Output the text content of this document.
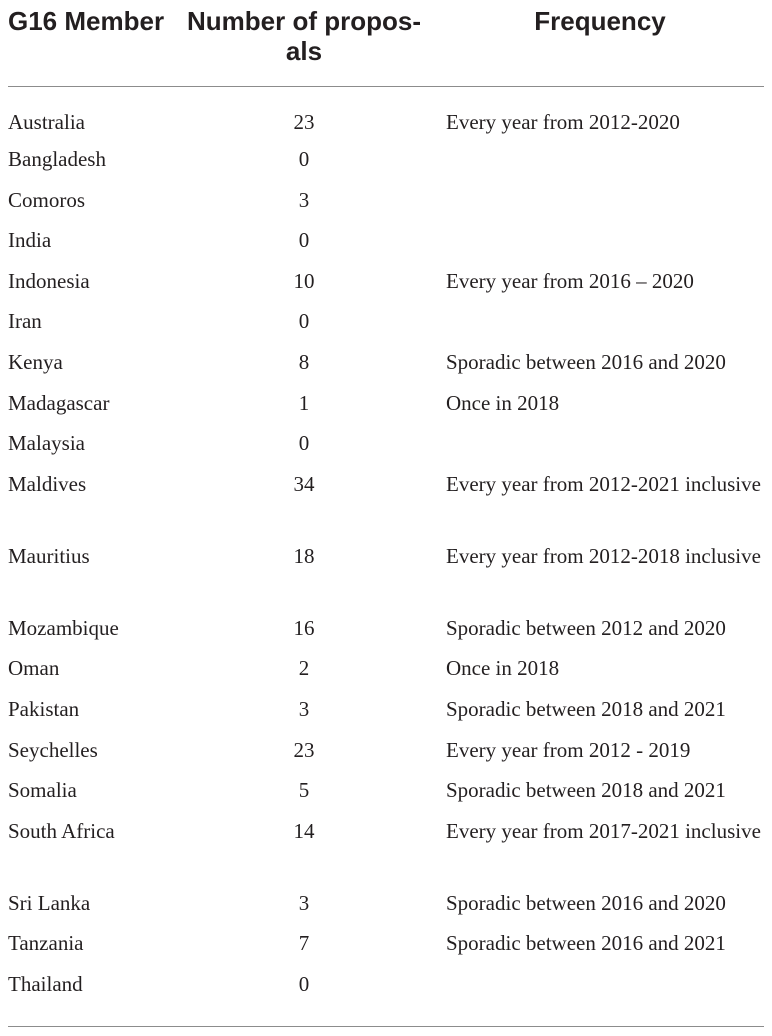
G16 Member	Number of propos-als	Frequency
Australia	23	Every year from 2012-2020
Bangladesh	0	
Comoros	3	
India	0	
Indonesia	10	Every year from 2016 – 2020
Iran	0	
Kenya	8	Sporadic between 2016 and 2020
Madagascar	1	Once in 2018
Malaysia	0	
Maldives	34	Every year from 2012-2021 inclusive
Mauritius	18	Every year from 2012-2018 inclusive
Mozambique	16	Sporadic between 2012 and 2020
Oman	2	Once in 2018
Pakistan	3	Sporadic between 2018 and 2021
Seychelles	23	Every year from 2012 - 2019
Somalia	5	Sporadic between 2018 and 2021
South Africa	14	Every year from 2017-2021 inclusive
Sri Lanka	3	Sporadic between 2016 and 2020
Tanzania	7	Sporadic between 2016 and 2021
Thailand	0	
